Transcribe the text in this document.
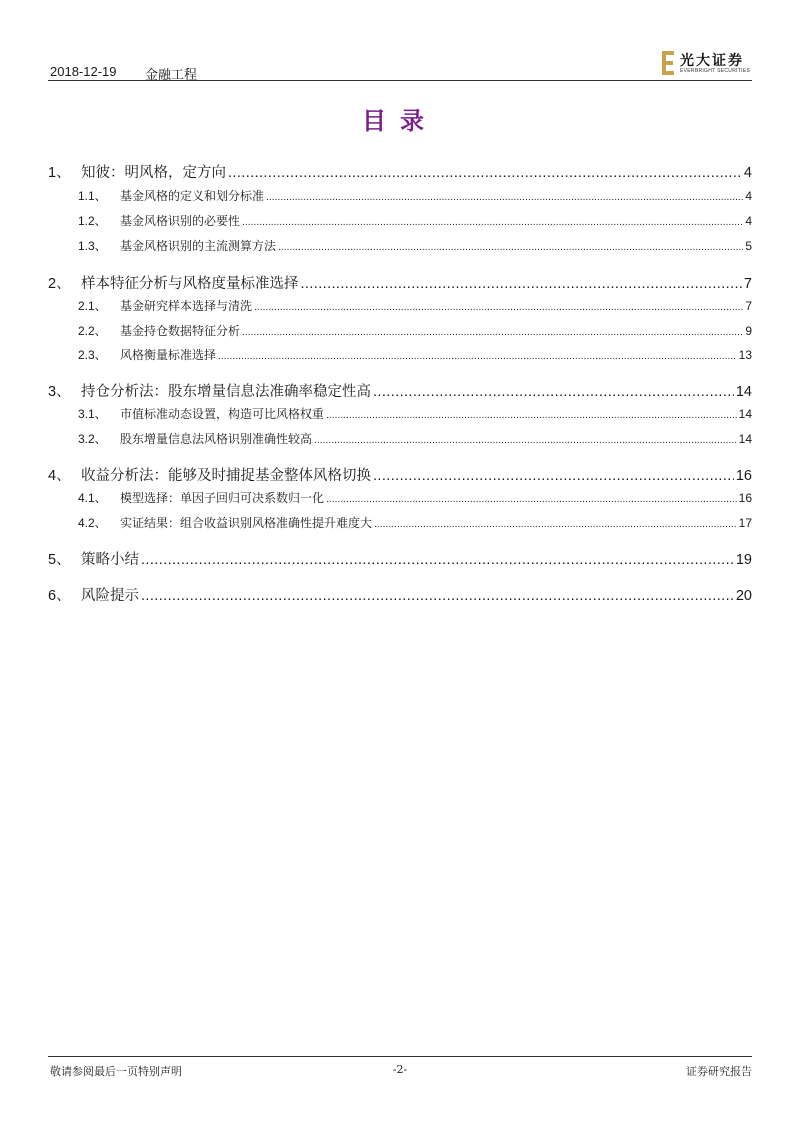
2018-12-19 金融工程
光大证券
EVERBRIGHT SECURITIES
目录
1、 知彼：明风格，定方向 .....	4
1.1、	基金风格的定义和划分标准 .....	4
1.2、	基金风格识别的必要性 .....	4
1.3、	基金风格识别的主流测算方法 .....	5
2、 样本特征分析与风格度量标准选择 .....	7
2.1、	基金研究样本选择与清洗 .....	7
2.2、	基金持仓数据特征分析 .....	9
2.3、	风格衡量标准选择 .....	13
3、 持仓分析法：股东增量信息法准确率稳定性高 .....	14
3.1、	市值标准动态设置，构造可比风格权重 .....	14
3.2、	股东增量信息法风格识别准确性较高 .....	14
4、 收益分析法：能够及时捕捉基金整体风格切换 .....	16
4.1、	模型选择：单因子回归可决系数归一化 .....	16
4.2、	实证结果：组合收益识别风格准确性提升难度大 .....	17
5、 策略小结 .....	19
6、 风险提示 .....	20
敬请参阅最后一页特别声明	-2-	证券研究报告
